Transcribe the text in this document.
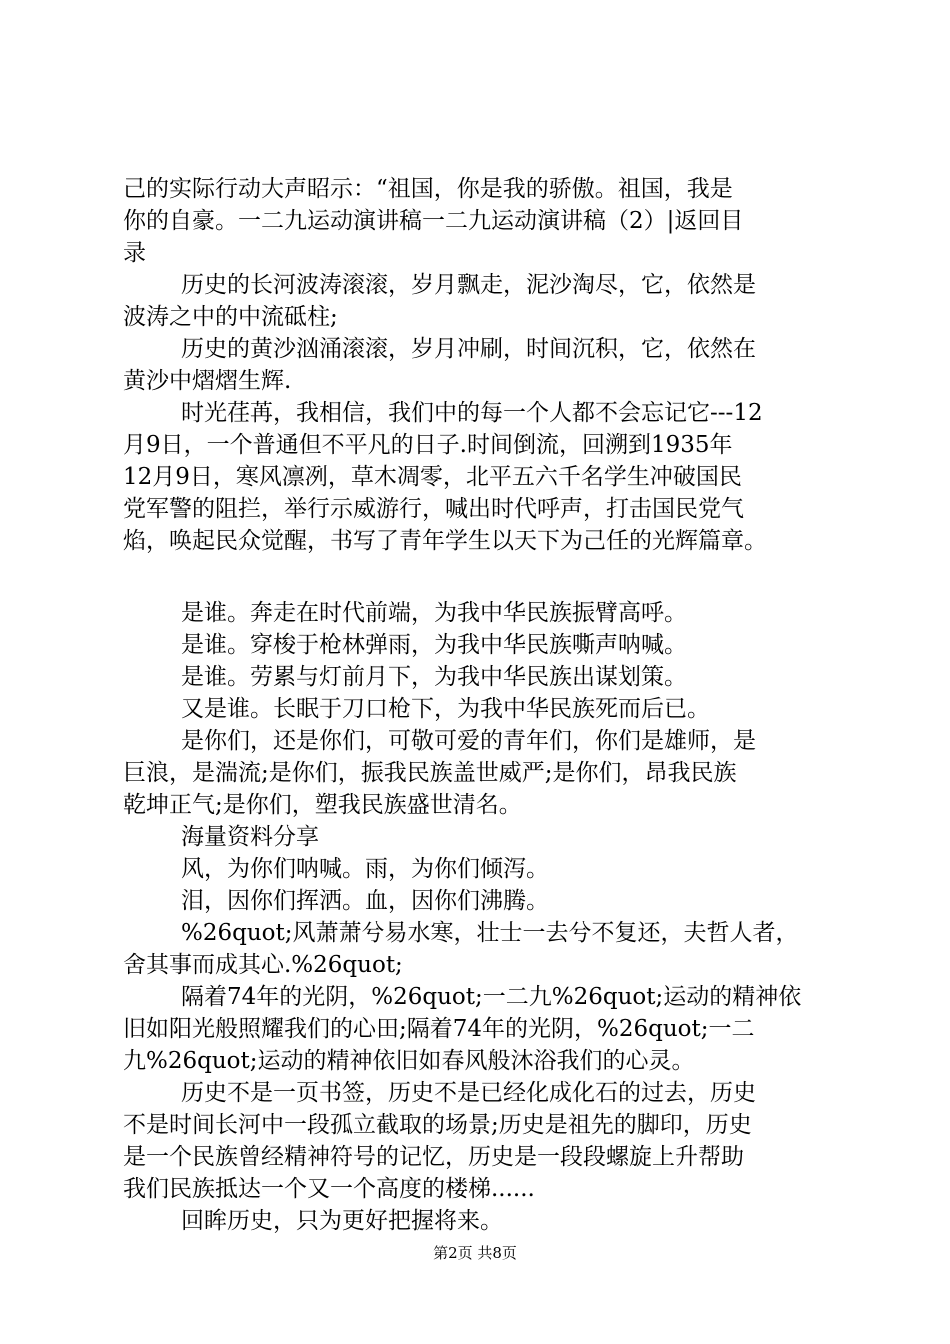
己的实际行动大声昭示：“祖国，你是我的骄傲。祖国，我是
你的自豪。一二九运动演讲稿一二九运动演讲稿（2）|返回目
录
历史的长河波涛滚滚，岁月飘走，泥沙淘尽，它，依然是
波涛之中的中流砥柱;
历史的黄沙汹涌滚滚，岁月冲刷，时间沉积，它，依然在
黄沙中熠熠生辉.
时光荏苒，我相信，我们中的每一个人都不会忘记它---12
月9日，一个普通但不平凡的日子.时间倒流，回溯到1935年
12月9日，寒风凛冽，草木凋零，北平五六千名学生冲破国民
党军警的阻拦，举行示威游行，喊出时代呼声，打击国民党气
焰，唤起民众觉醒，书写了青年学生以天下为己任的光辉篇章。
是谁。奔走在时代前端，为我中华民族振臂高呼。
是谁。穿梭于枪林弹雨，为我中华民族嘶声呐喊。
是谁。劳累与灯前月下，为我中华民族出谋划策。
又是谁。长眠于刀口枪下，为我中华民族死而后已。
是你们，还是你们，可敬可爱的青年们，你们是雄师，是
巨浪，是湍流;是你们，振我民族盖世威严;是你们，昂我民族
乾坤正气;是你们，塑我民族盛世清名。
海量资料分享
风，为你们呐喊。雨，为你们倾泻。
泪，因你们挥洒。血，因你们沸腾。
%26quot;风萧萧兮易水寒，壮士一去兮不复还，夫哲人者，
舍其事而成其心.%26quot;
隔着74年的光阴，%26quot;一二九%26quot;运动的精神依
旧如阳光般照耀我们的心田;隔着74年的光阴，%26quot;一二
九%26quot;运动的精神依旧如春风般沐浴我们的心灵。
历史不是一页书签，历史不是已经化成化石的过去，历史
不是时间长河中一段孤立截取的场景;历史是祖先的脚印，历史
是一个民族曾经精神符号的记忆，历史是一段段螺旋上升帮助
我们民族抵达一个又一个高度的楼梯......
回眸历史，只为更好把握将来。
第2页 共8页
